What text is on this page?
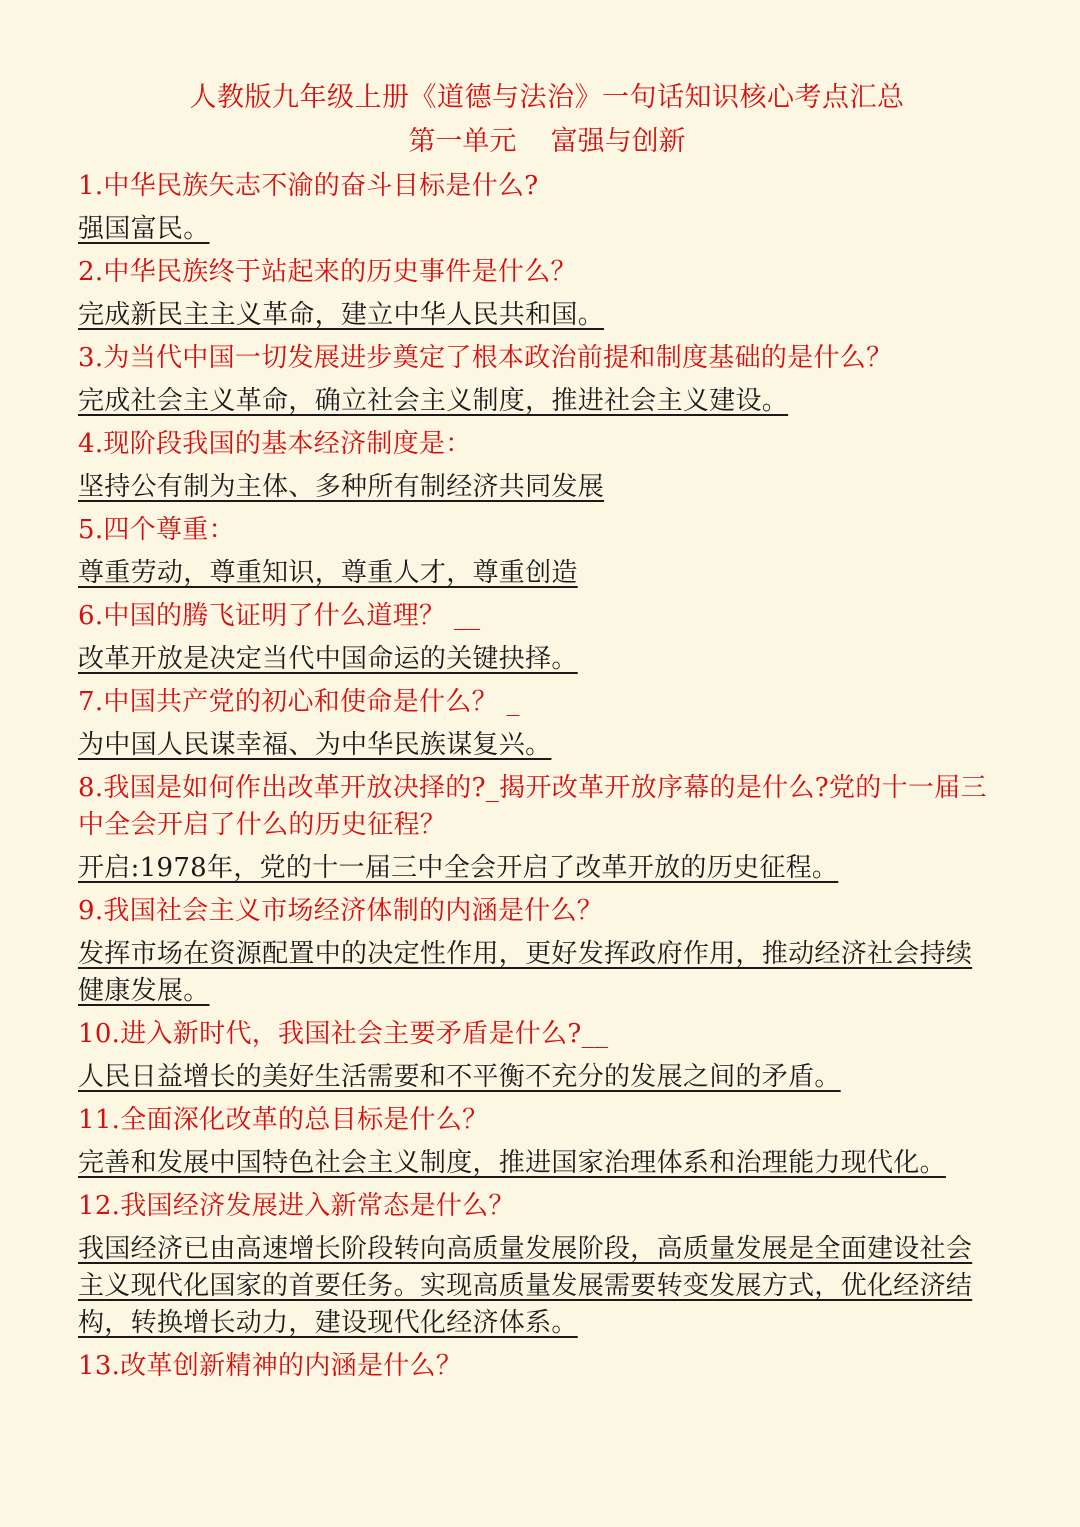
人教版九年级上册《道德与法治》一句话知识核心考点汇总
第一单元    富强与创新
1.中华民族矢志不渝的奋斗目标是什么?
强国富民。
2.中华民族终于站起来的历史事件是什么？
完成新民主主义革命，建立中华人民共和国。
3.为当代中国一切发展进步奠定了根本政治前提和制度基础的是什么？
完成社会主义革命，确立社会主义制度，推进社会主义建设。
4.现阶段我国的基本经济制度是：
坚持公有制为主体、多种所有制经济共同发展
5.四个尊重：
尊重劳动，尊重知识，尊重人才，尊重创造
6.中国的腾飞证明了什么道理？ __
改革开放是决定当代中国命运的关键抉择。
7.中国共产党的初心和使命是什么？ _
为中国人民谋幸福、为中华民族谋复兴。
8.我国是如何作出改革开放决择的?_揭开改革开放序幕的是什么?党的十一届三中全会开启了什么的历史征程？
开启:1978年，党的十一届三中全会开启了改革开放的历史征程。
9.我国社会主义市场经济体制的内涵是什么？
发挥市场在资源配置中的决定性作用，更好发挥政府作用，推动经济社会持续健康发展。
10.进入新时代，我国社会主要矛盾是什么?__
人民日益增长的美好生活需要和不平衡不充分的发展之间的矛盾。
11.全面深化改革的总目标是什么？
完善和发展中国特色社会主义制度，推进国家治理体系和治理能力现代化。
12.我国经济发展进入新常态是什么？
我国经济已由高速增长阶段转向高质量发展阶段，高质量发展是全面建设社会主义现代化国家的首要任务。实现高质量发展需要转变发展方式，优化经济结构，转换增长动力，建设现代化经济体系。
13.改革创新精神的内涵是什么？
